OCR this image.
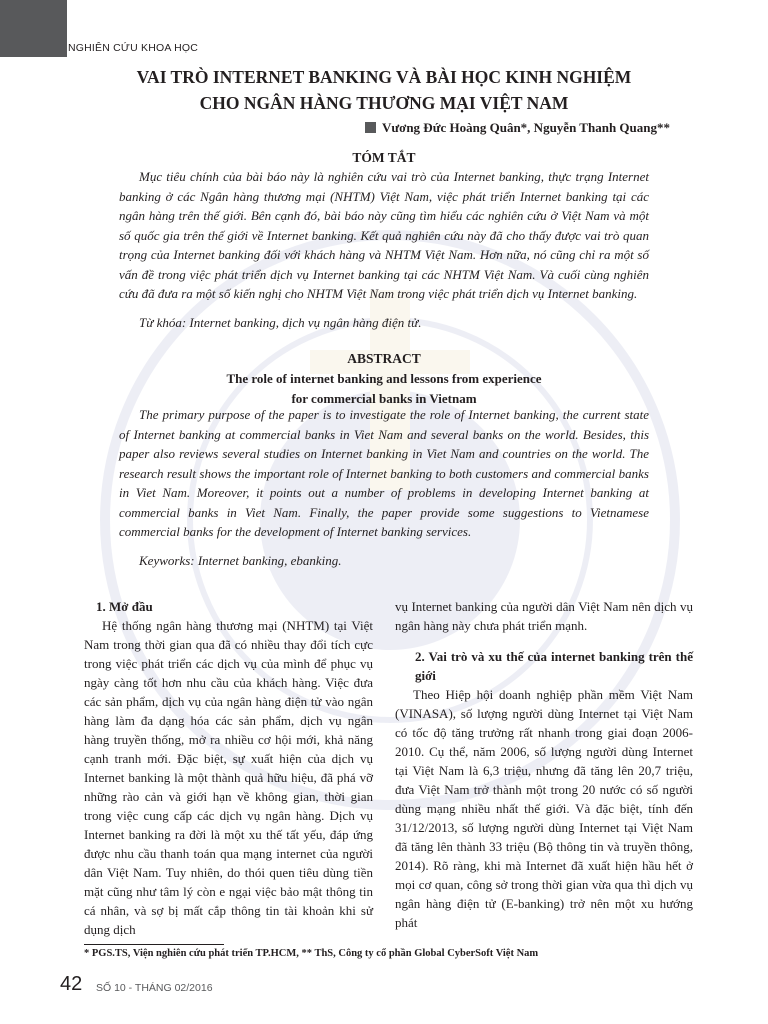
NGHIÊN CỨU KHOA HỌC
VAI TRÒ INTERNET BANKING VÀ BÀI HỌC KINH NGHIỆM
CHO NGÂN HÀNG THƯƠNG MẠI VIỆT NAM
Vương Đức Hoàng Quân*, Nguyễn Thanh Quang**
TÓM TẮT

Mục tiêu chính của bài báo này là nghiên cứu vai trò của Internet banking, thực trạng Internet banking ở các Ngân hàng thương mại (NHTM) Việt Nam, việc phát triển Internet banking tại các ngân hàng trên thế giới. Bên cạnh đó, bài báo này cũng tìm hiểu các nghiên cứu ở Việt Nam và một số quốc gia trên thế giới về Internet banking. Kết quả nghiên cứu này đã cho thấy được vai trò quan trọng của Internet banking đối với khách hàng và NHTM Việt Nam. Hơn nữa, nó cũng chỉ ra một số vấn đề trong việc phát triển dịch vụ Internet banking tại các NHTM Việt Nam. Và cuối cùng nghiên cứu đã đưa ra một số kiến nghị cho NHTM Việt Nam trong việc phát triển dịch vụ Internet banking.

Từ khóa: Internet banking, dịch vụ ngân hàng điện tử.
ABSTRACT
The role of internet banking and lessons from experience
for commercial banks in Vietnam

The primary purpose of the paper is to investigate the role of Internet banking, the current state of Internet banking at commercial banks in Viet Nam and several banks on the world. Besides, this paper also reviews several studies on Internet banking in Viet Nam and countries on the world. The research result shows the important role of Internet banking to both customers and commercial banks in Viet Nam. Moreover, it points out a number of problems in developing Internet banking at commercial banks in Viet Nam. Finally, the paper provide some suggestions to Vietnamese commercial banks for the development of Internet banking services.

Keyworks: Internet banking, ebanking.
1. Mở đầu

Hệ thống ngân hàng thương mại (NHTM) tại Việt Nam trong thời gian qua đã có nhiều thay đổi tích cực trong việc phát triển các dịch vụ của mình để phục vụ ngày càng tốt hơn nhu cầu của khách hàng. Việc đưa các sản phẩm, dịch vụ của ngân hàng điện tử vào ngân hàng làm đa dạng hóa các sản phẩm, dịch vụ ngân hàng truyền thống, mở ra nhiều cơ hội mới, khả năng cạnh tranh mới. Đặc biệt, sự xuất hiện của dịch vụ Internet banking là một thành quả hữu hiệu, đã phá vỡ những rào cản và giới hạn về không gian, thời gian trong việc cung cấp các dịch vụ ngân hàng. Dịch vụ Internet banking ra đời là một xu thế tất yếu, đáp ứng được nhu cầu thanh toán qua mạng internet của người dân Việt Nam. Tuy nhiên, do thói quen tiêu dùng tiền mặt cũng như tâm lý còn e ngại việc bảo mật thông tin cá nhân, và sợ bị mất cắp thông tin tài khoản khi sử dụng dịch

vụ Internet banking của người dân Việt Nam nên dịch vụ ngân hàng này chưa phát triển mạnh.

2. Vai trò và xu thế của internet banking trên thế giới

Theo Hiệp hội doanh nghiệp phần mềm Việt Nam (VINASA), số lượng người dùng Internet tại Việt Nam có tốc độ tăng trưởng rất nhanh trong giai đoạn 2006-2010. Cụ thể, năm 2006, số lượng người dùng Internet tại Việt Nam là 6,3 triệu, nhưng đã tăng lên 20,7 triệu, đưa Việt Nam trở thành một trong 20 nước có số người dùng mạng nhiều nhất thế giới. Và đặc biệt, tính đến 31/12/2013, số lượng người dùng Internet tại Việt Nam đã tăng lên thành 33 triệu (Bộ thông tin và truyền thông, 2014). Rõ ràng, khi mà Internet đã xuất hiện hầu hết ở mọi cơ quan, công sở trong thời gian vừa qua thì dịch vụ ngân hàng điện tử (E-banking) trở nên một xu hướng phát

* PGS.TS, Viện nghiên cứu phát triển TP.HCM, ** ThS, Công ty cổ phần Global CyberSoft Việt Nam
42 SỐ 10 - THÁNG 02/2016
